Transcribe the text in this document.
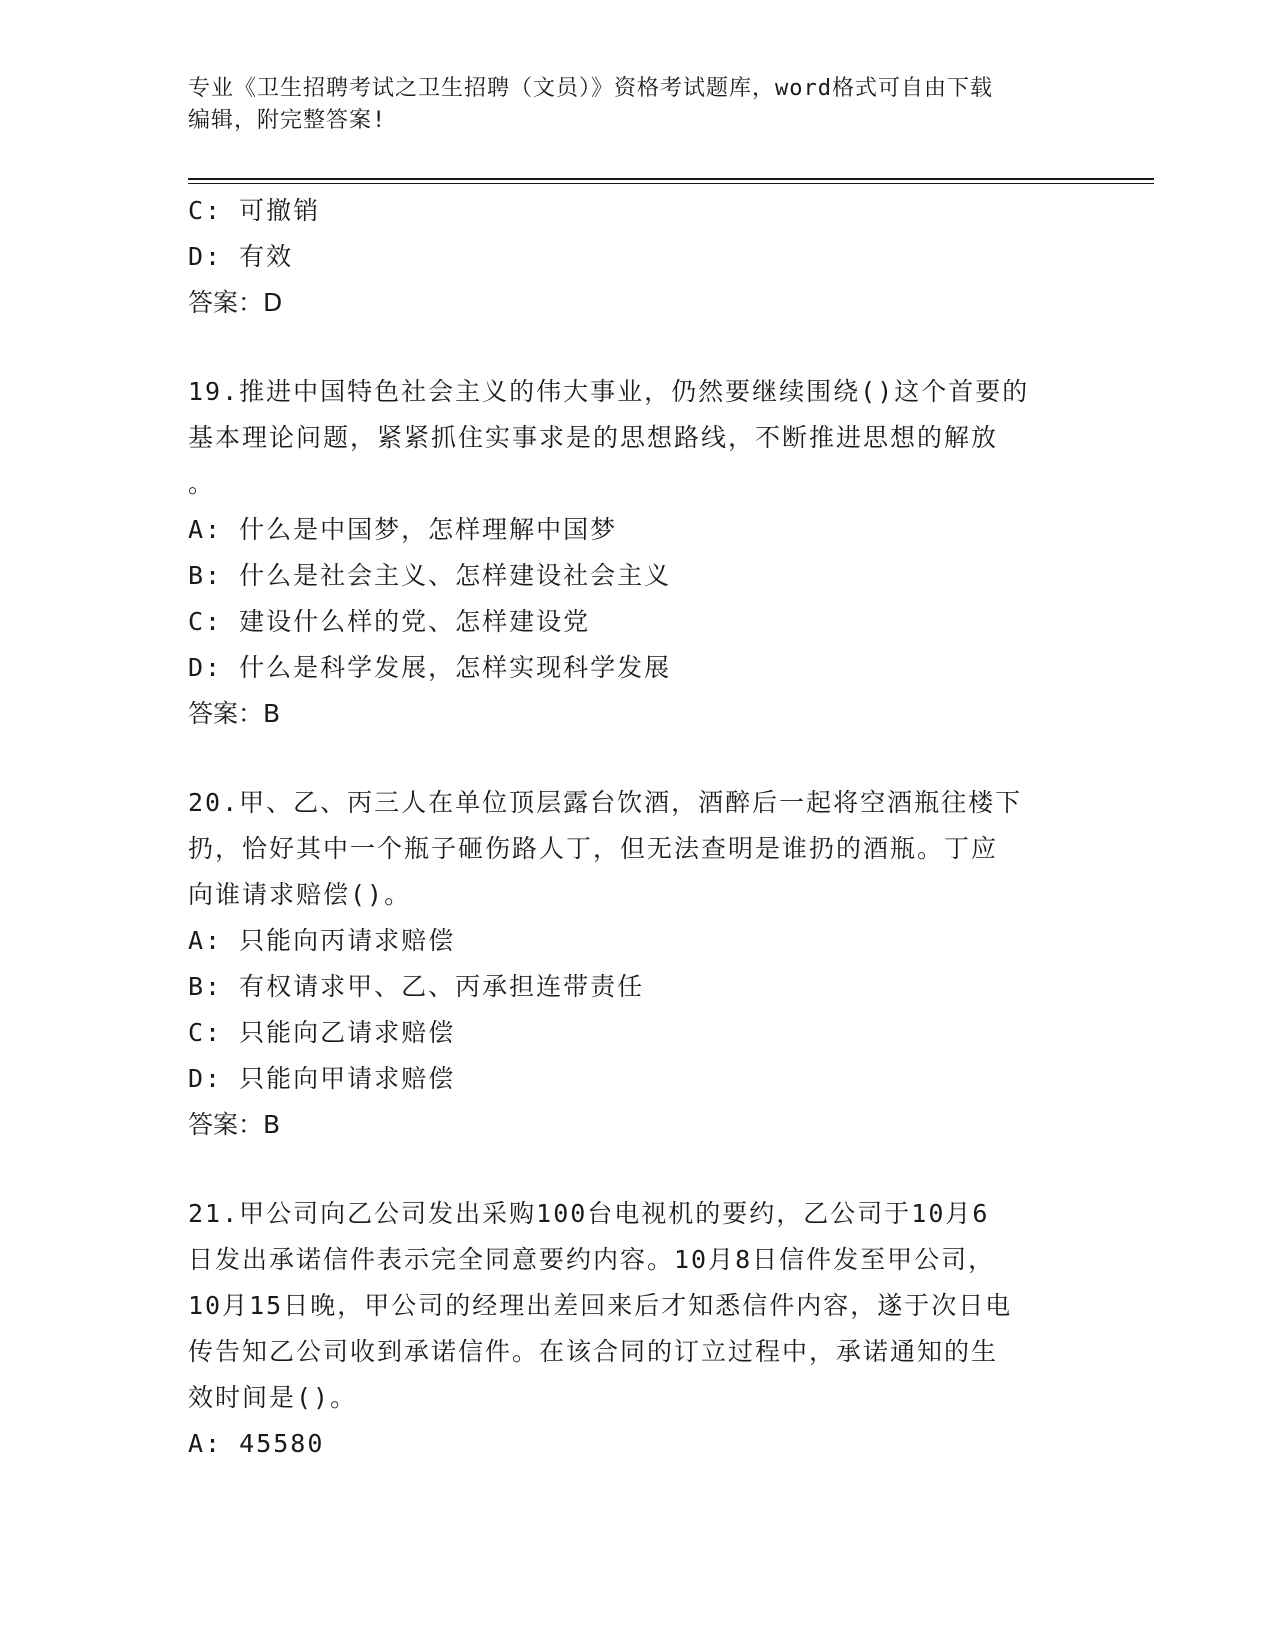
专业《卫生招聘考试之卫生招聘（文员）》资格考试题库，word格式可自由下载
编辑，附完整答案!
C: 可撤销
D: 有效
答案：D
19.推进中国特色社会主义的伟大事业，仍然要继续围绕()这个首要的
基本理论问题，紧紧抓住实事求是的思想路线，不断推进思想的解放
。
A: 什么是中国梦，怎样理解中国梦
B: 什么是社会主义、怎样建设社会主义
C: 建设什么样的党、怎样建设党
D: 什么是科学发展，怎样实现科学发展
答案：B
20.甲、乙、丙三人在单位顶层露台饮酒，酒醉后一起将空酒瓶往楼下
扔，恰好其中一个瓶子砸伤路人丁，但无法查明是谁扔的酒瓶。丁应
向谁请求赔偿()。
A: 只能向丙请求赔偿
B: 有权请求甲、乙、丙承担连带责任
C: 只能向乙请求赔偿
D: 只能向甲请求赔偿
答案：B
21.甲公司向乙公司发出采购100台电视机的要约，乙公司于10月6
日发出承诺信件表示完全同意要约内容。10月8日信件发至甲公司，
10月15日晚，甲公司的经理出差回来后才知悉信件内容，遂于次日电
传告知乙公司收到承诺信件。在该合同的订立过程中，承诺通知的生
效时间是()。
A: 45580
